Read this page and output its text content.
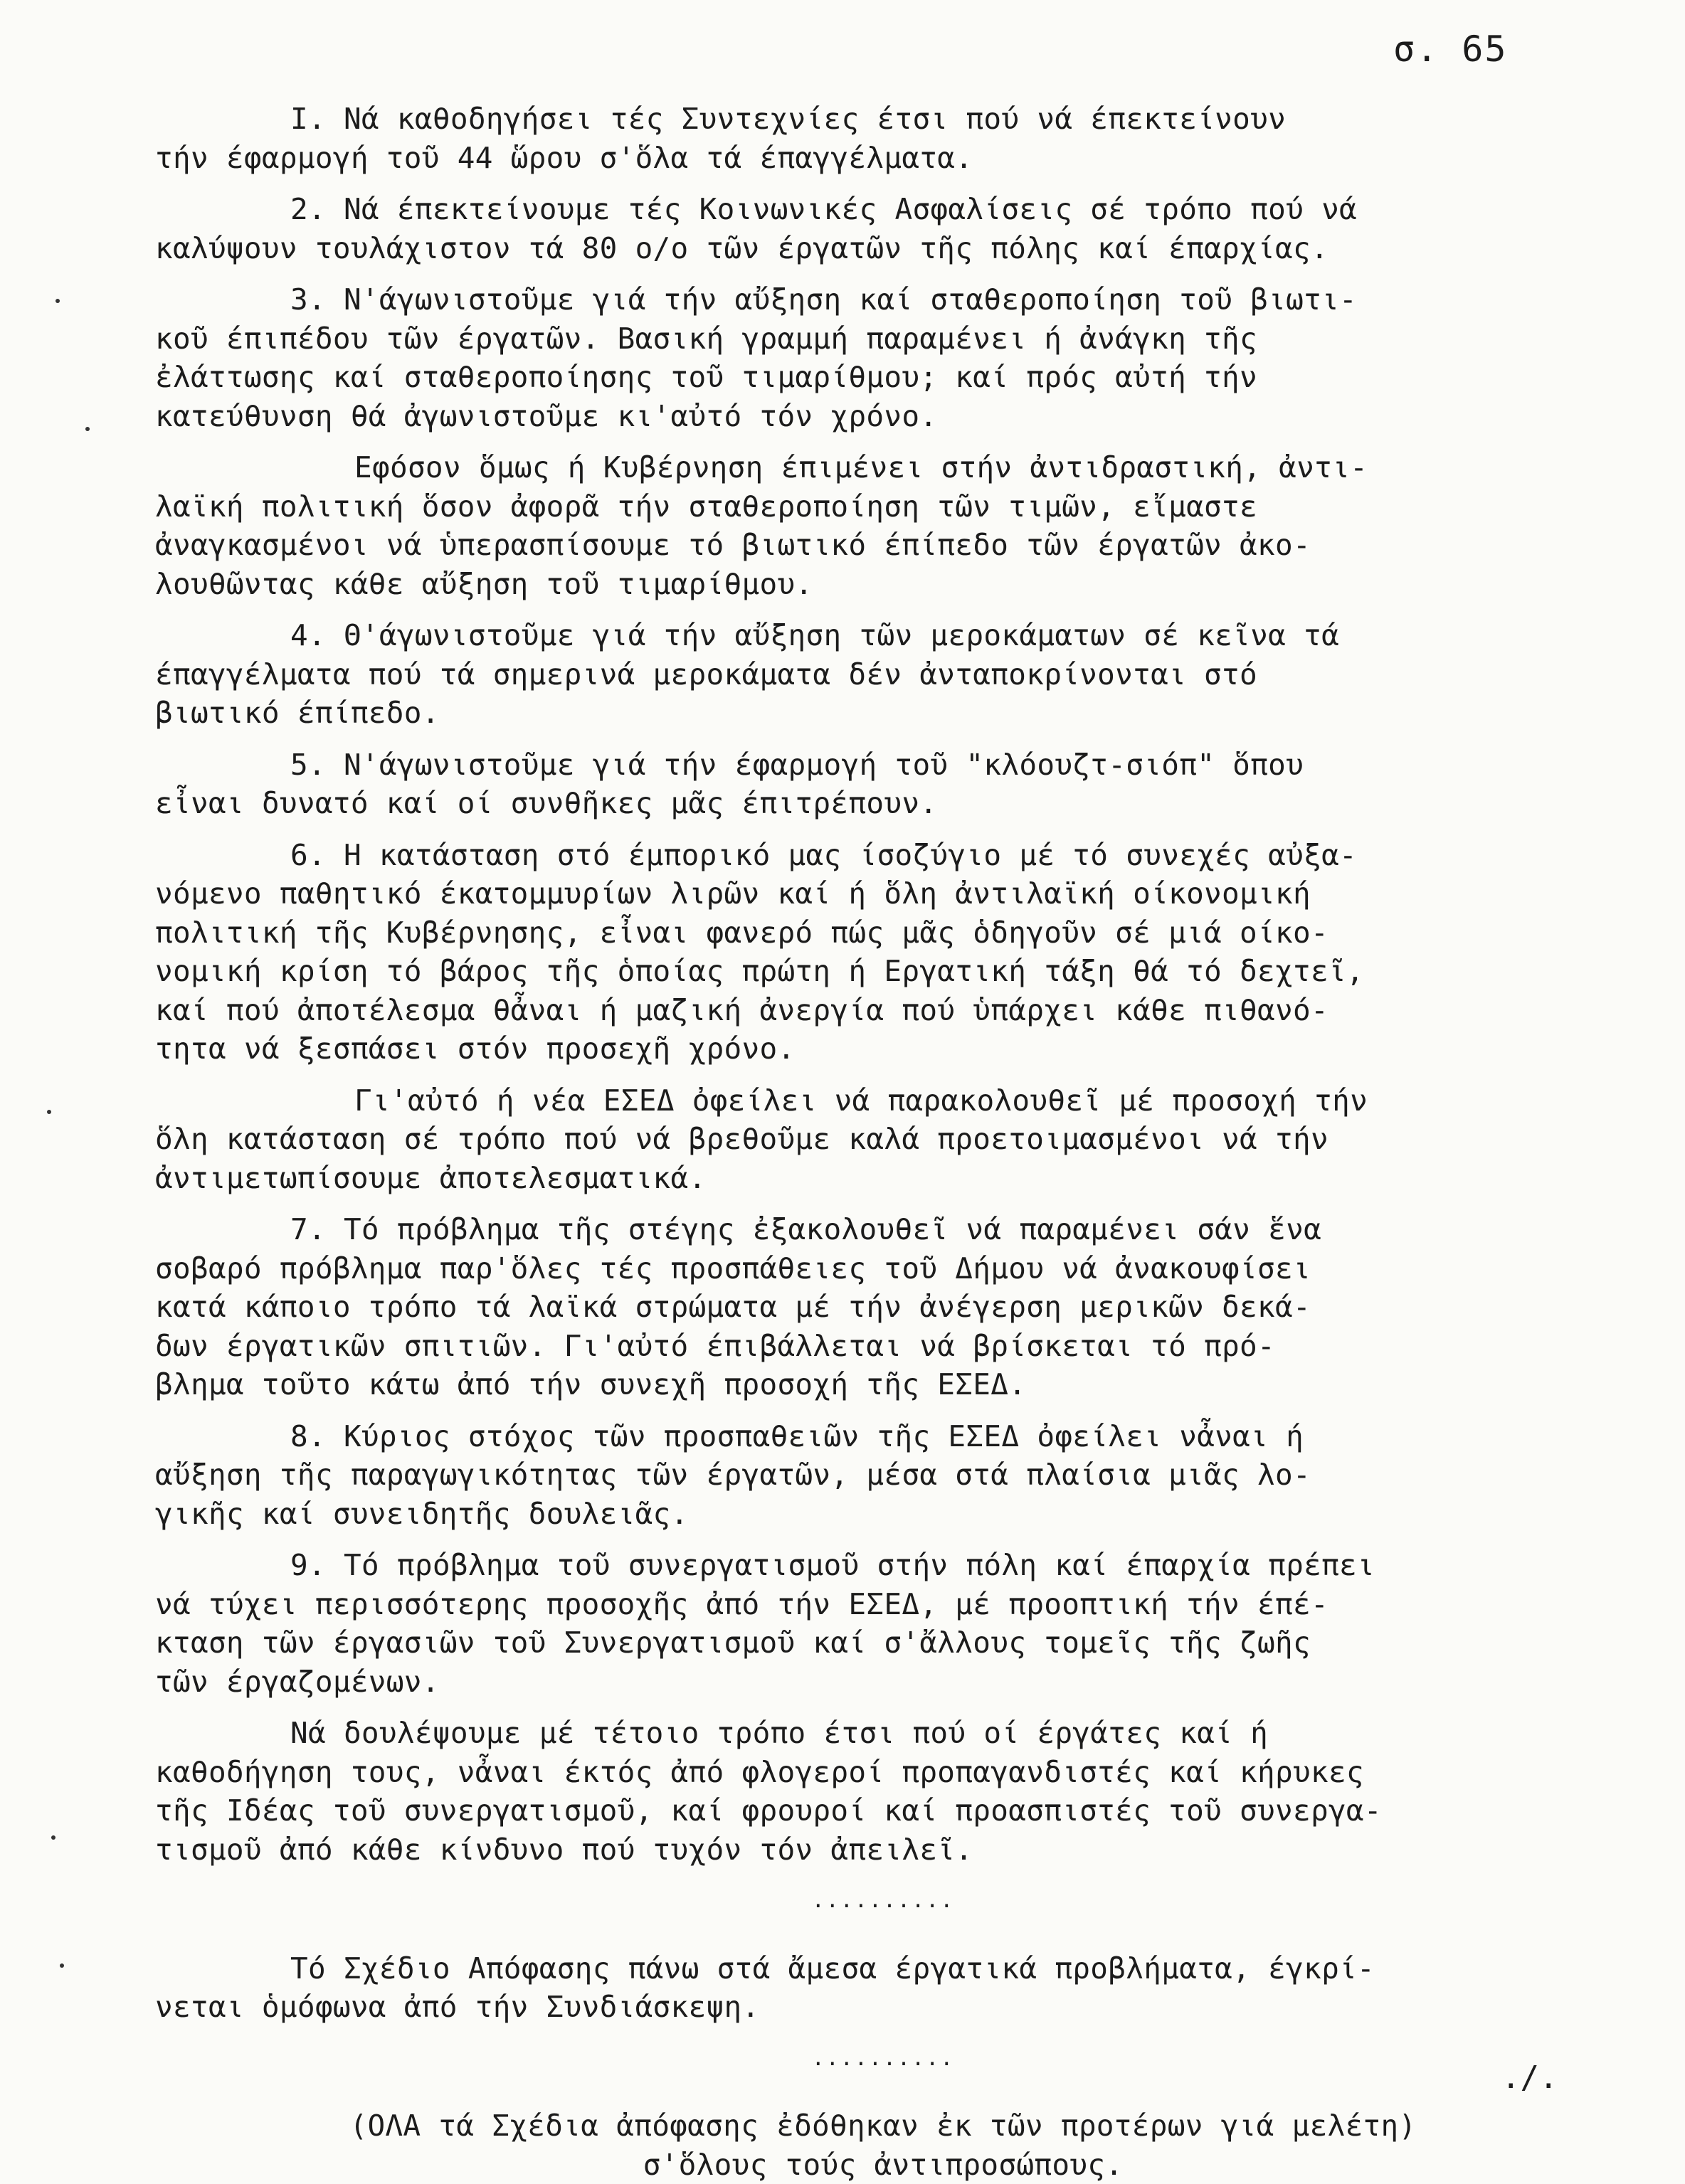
σ. 65
I. Νά καθοδηγήσει τές Συντεχνίες έτσι πού νά έπεκτείνουν
τήν έφαρμογή τοῦ 44 ὥρου σ'ὅλα τά έπαγγέλματα.
2. Νά έπεκτείνουμε τές Κοινωνικές Ασφαλίσεις σέ τρόπο πού νά
καλύψουν τουλάχιστον τά 80 ο/ο τῶν έργατῶν τῆς πόλης καί έπαρχίας.
3. Ν'άγωνιστοῦμε γιά τήν αὔξηση καί σταθεροποίηση τοῦ βιωτι-
κοῦ έπιπέδου τῶν έργατῶν. Βασική γραμμή παραμένει ή ἀνάγκη τῆς
ἐλάττωσης καί σταθεροποίησης τοῦ τιμαρίθμου; καί πρός αὐτή τήν
κατεύθυνση θά ἀγωνιστοῦμε κι'αὐτό τόν χρόνο.
Εφόσον ὅμως ή Κυβέρνηση έπιμένει στήν ἀντιδραστική, ἀντι-
λαϊκή πολιτική ὅσον ἀφορᾶ τήν σταθεροποίηση τῶν τιμῶν, εἴμαστε
ἀναγκασμένοι νά ὑπερασπίσουμε τό βιωτικό έπίπεδο τῶν έργατῶν ἀκο-
λουθῶντας κάθε αὔξηση τοῦ τιμαρίθμου.
4. Θ'άγωνιστοῦμε γιά τήν αὔξηση τῶν μεροκάματων σέ κεῖνα τά
έπαγγέλματα πού τά σημερινά μεροκάματα δέν ἀνταποκρίνονται στό
βιωτικό έπίπεδο.
5. Ν'άγωνιστοῦμε γιά τήν έφαρμογή τοῦ "κλόουζτ-σιόπ" ὅπου
εἶναι δυνατό καί οί συνθῆκες μᾶς έπιτρέπουν.
6. Η κατάσταση στό έμπορικό μας ίσοζύγιο μέ τό συνεχές αὐξα-
νόμενο παθητικό έκατομμυρίων λιρῶν καί ή ὅλη ἀντιλαϊκή οίκονομική
πολιτική τῆς Κυβέρνησης, εἶναι φανερό πώς μᾶς ὁδηγοῦν σέ μιά οίκο-
νομική κρίση τό βάρος τῆς ὁποίας πρώτη ή Εργατική τάξη θά τό δεχτεῖ,
καί πού ἀποτέλεσμα θἆναι ή μαζική ἀνεργία πού ὑπάρχει κάθε πιθανό-
τητα νά ξεσπάσει στόν προσεχῆ χρόνο.
Γι'αὐτό ή νέα ΕΣΕΔ ὀφείλει νά παρακολουθεῖ μέ προσοχή τήν
ὅλη κατάσταση σέ τρόπο πού νά βρεθοῦμε καλά προετοιμασμένοι νά τήν
ἀντιμετωπίσουμε ἀποτελεσματικά.
7. Τό πρόβλημα τῆς στέγης ἐξακολουθεῖ νά παραμένει σάν ἕνα
σοβαρό πρόβλημα παρ'ὅλες τές προσπάθειες τοῦ Δήμου νά ἀνακουφίσει
κατά κάποιο τρόπο τά λαϊκά στρώματα μέ τήν ἀνέγερση μερικῶν δεκά-
δων έργατικῶν σπιτιῶν. Γι'αὐτό έπιβάλλεται νά βρίσκεται τό πρό-
βλημα τοῦτο κάτω ἀπό τήν συνεχῆ προσοχή τῆς ΕΣΕΔ.
8. Κύριος στόχος τῶν προσπαθειῶν τῆς ΕΣΕΔ ὀφείλει νἆναι ή
αὔξηση τῆς παραγωγικότητας τῶν έργατῶν, μέσα στά πλαίσια μιᾶς λο-
γικῆς καί συνειδητῆς δουλειᾶς.
9. Τό πρόβλημα τοῦ συνεργατισμοῦ στήν πόλη καί έπαρχία πρέπει
νά τύχει περισσότερης προσοχῆς ἀπό τήν ΕΣΕΔ, μέ προοπτική τήν έπέ-
κταση τῶν έργασιῶν τοῦ Συνεργατισμοῦ καί σ'ἄλλους τομεῖς τῆς ζωῆς
τῶν έργαζομένων.
Νά δουλέψουμε μέ τέτοιο τρόπο έτσι πού οί έργάτες καί ή
καθοδήγηση τους, νἆναι έκτός ἀπό φλογεροί προπαγανδιστές καί κήρυκες
τῆς Ιδέας τοῦ συνεργατισμοῦ, καί φρουροί καί προασπιστές τοῦ συνεργα-
τισμοῦ ἀπό κάθε κίνδυνο πού τυχόν τόν ἀπειλεῖ.
..........
Τό Σχέδιο Απόφασης πάνω στά ἄμεσα έργατικά προβλήματα, έγκρί-
νεται ὁμόφωνα ἀπό τήν Συνδιάσκεψη.
..........
(ΟΛΑ τά Σχέδια ἀπόφασης ἐδόθηκαν ἐκ τῶν προτέρων γιά μελέτη)
σ'ὅλους τούς ἀντιπροσώπους.
./.
